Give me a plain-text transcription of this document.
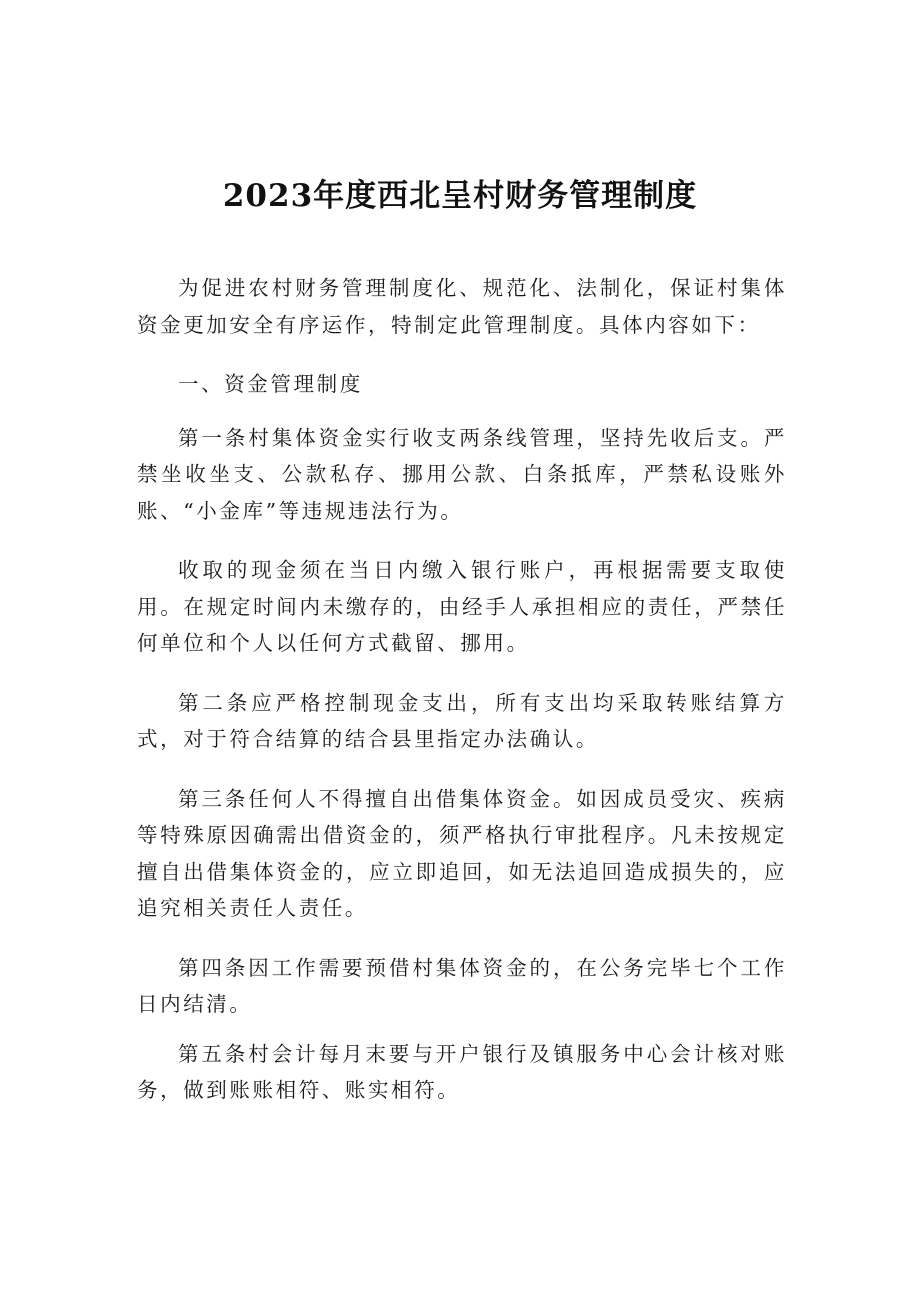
2023年度西北呈村财务管理制度

为促进农村财务管理制度化、规范化、法制化，保证村集体资金更加安全有序运作，特制定此管理制度。具体内容如下：

一、资金管理制度

第一条村集体资金实行收支两条线管理，坚持先收后支。严禁坐收坐支、公款私存、挪用公款、白条抵库，严禁私设账外账、“小金库”等违规违法行为。

收取的现金须在当日内缴入银行账户，再根据需要支取使用。在规定时间内未缴存的，由经手人承担相应的责任，严禁任何单位和个人以任何方式截留、挪用。

第二条应严格控制现金支出，所有支出均采取转账结算方式，对于符合结算的结合县里指定办法确认。

第三条任何人不得擅自出借集体资金。如因成员受灾、疾病等特殊原因确需出借资金的，须严格执行审批程序。凡未按规定擅自出借集体资金的，应立即追回，如无法追回造成损失的，应追究相关责任人责任。

第四条因工作需要预借村集体资金的，在公务完毕七个工作日内结清。

第五条村会计每月末要与开户银行及镇服务中心会计核对账务，做到账账相符、账实相符。
